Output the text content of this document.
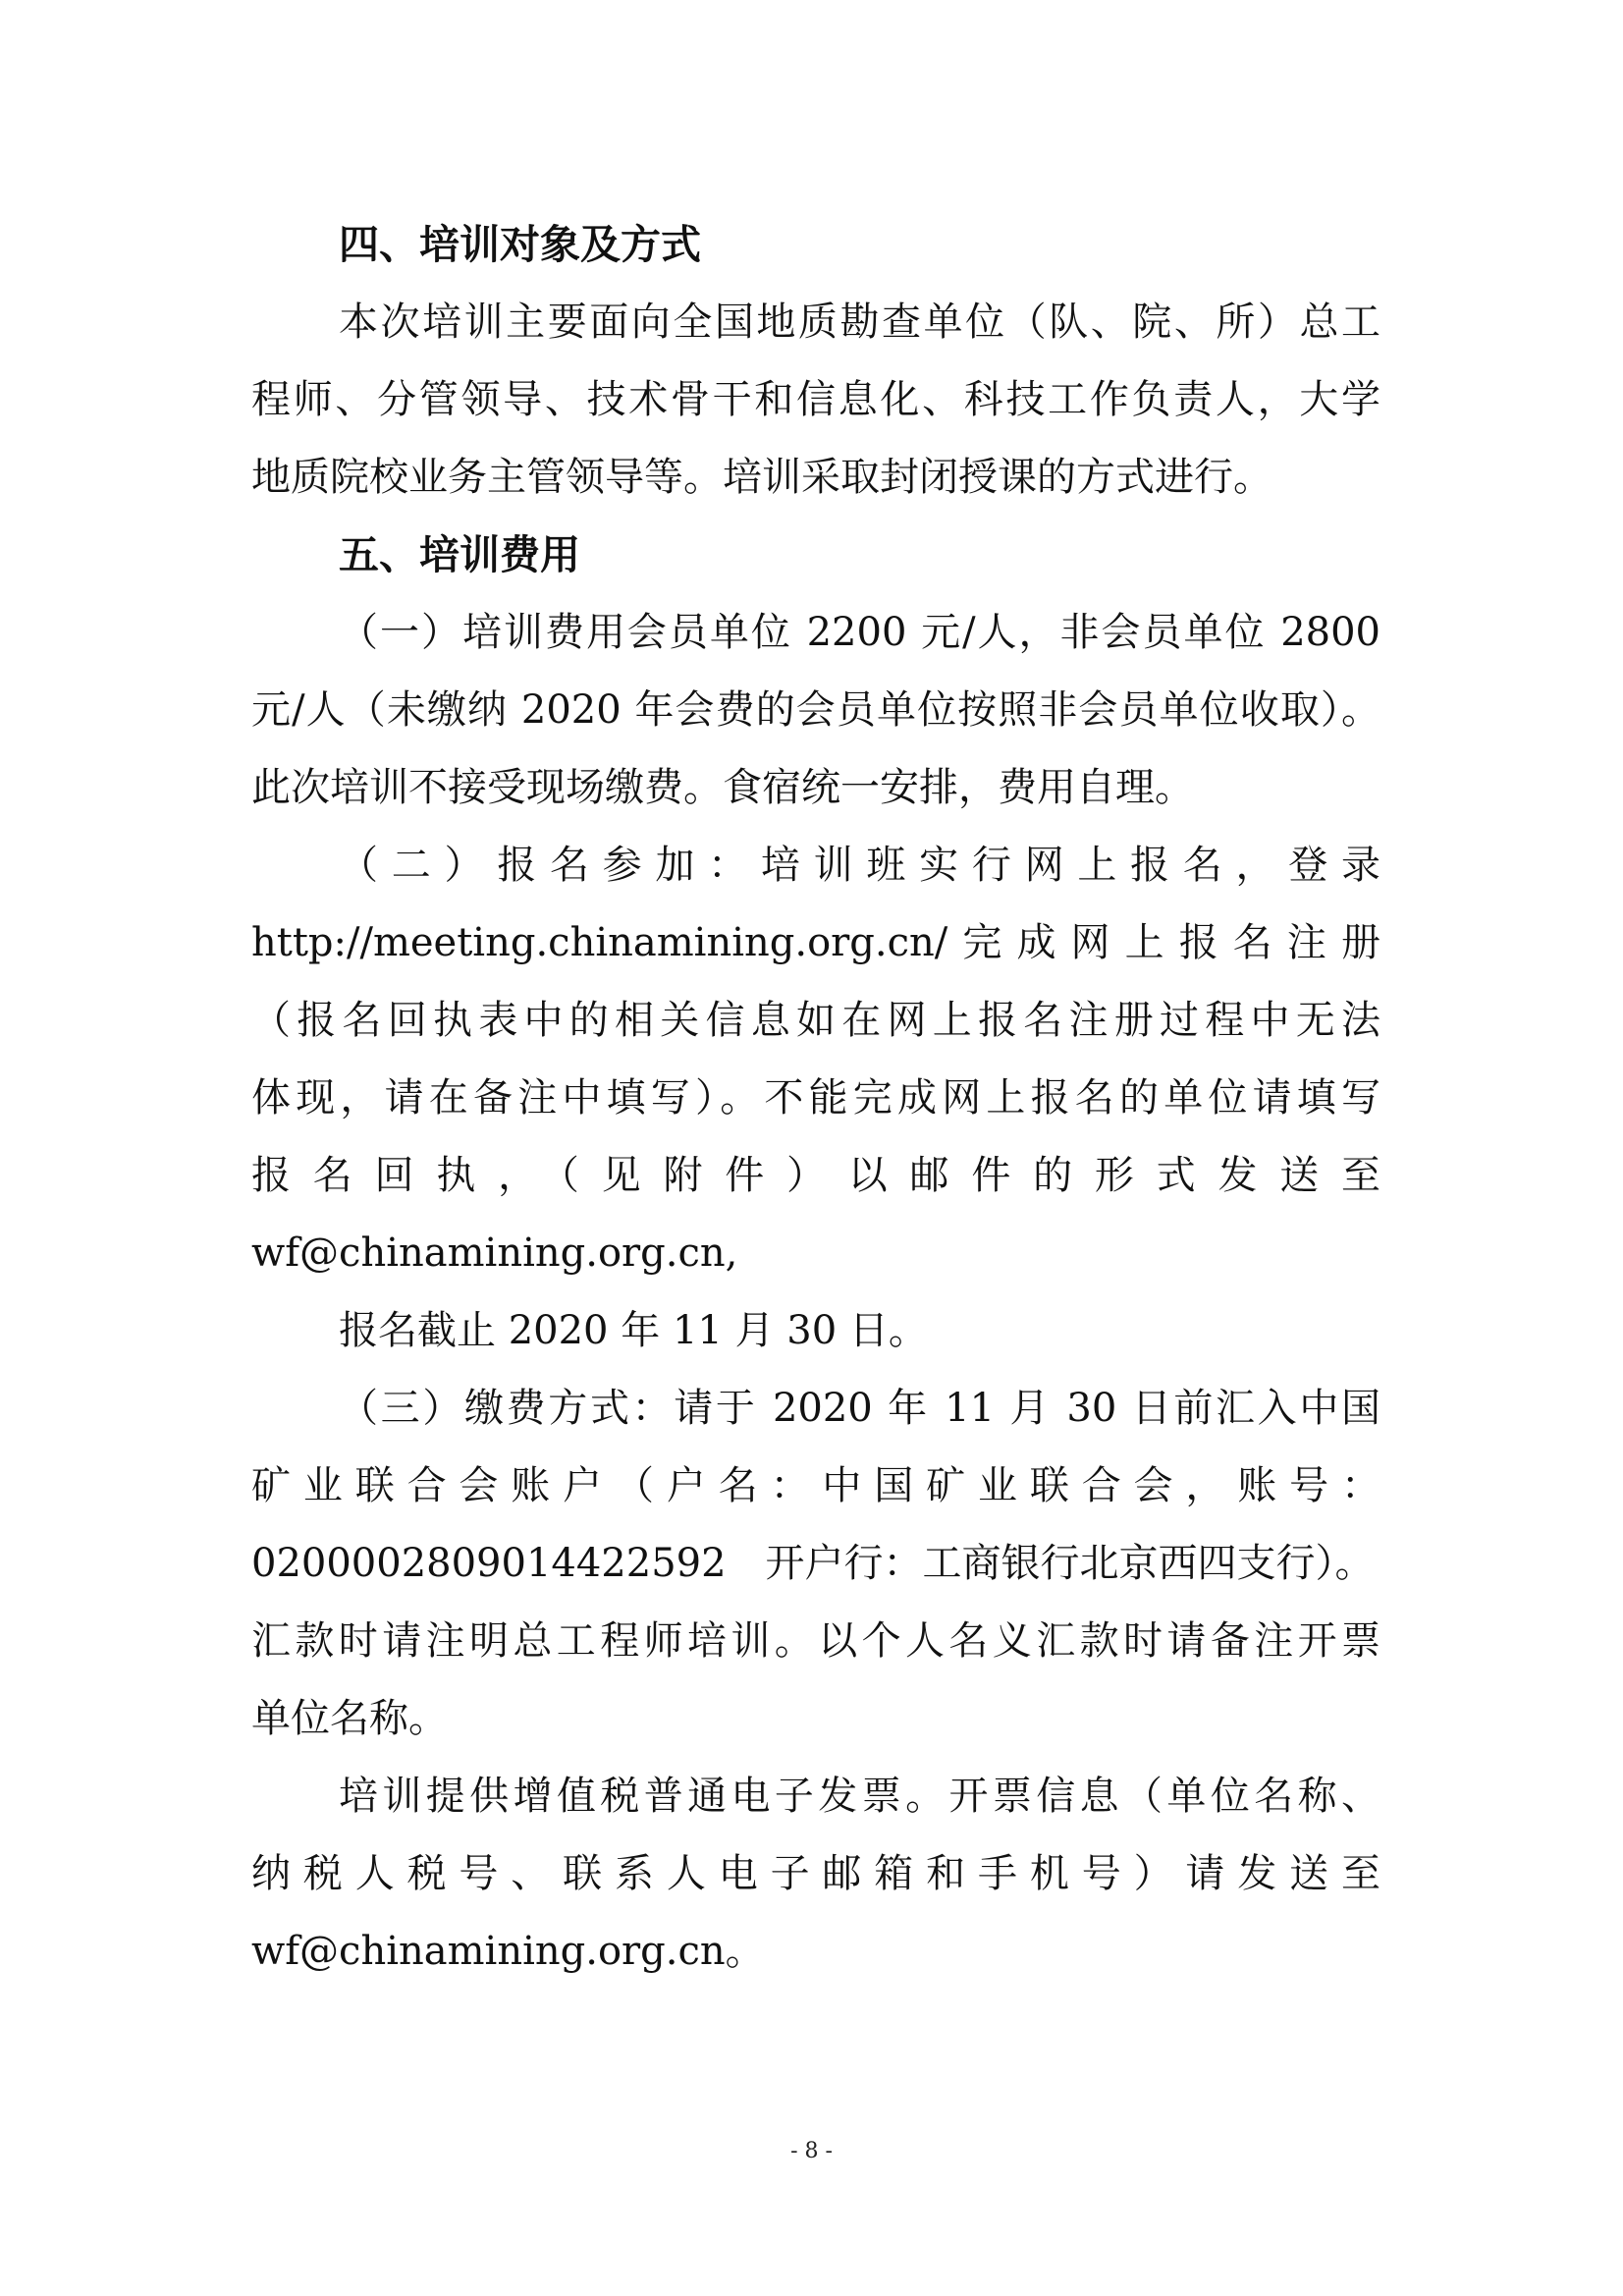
四、培训对象及方式
本次培训主要面向全国地质勘查单位（队、院、所）总工
程师、分管领导、技术骨干和信息化、科技工作负责人，大学
地质院校业务主管领导等。培训采取封闭授课的方式进行。
五、培训费用
（一）培训费用会员单位 2200 元/人，非会员单位 2800
元/人（未缴纳 2020 年会费的会员单位按照非会员单位收取）。
此次培训不接受现场缴费。食宿统一安排，费用自理。
（二）报名参加：培训班实行网上报名，登录
http://meeting.chinamining.org.cn/完成网上报名注册
（报名回执表中的相关信息如在网上报名注册过程中无法
体现，请在备注中填写）。不能完成网上报名的单位请填写
报名回执，（见附件）以邮件的形式发送至
wf@chinamining.org.cn,
报名截止 2020 年 11 月 30 日。
（三）缴费方式：请于 2020 年 11 月 30 日前汇入中国
矿业联合会账户（户名：中国矿业联合会，账号：
0200002809014422592　开户行：工商银行北京西四支行）。
汇款时请注明总工程师培训。以个人名义汇款时请备注开票
单位名称。
培训提供增值税普通电子发票。开票信息（单位名称、
纳税人税号、联系人电子邮箱和手机号）请发送至
wf@chinamining.org.cn。
- 8 -
